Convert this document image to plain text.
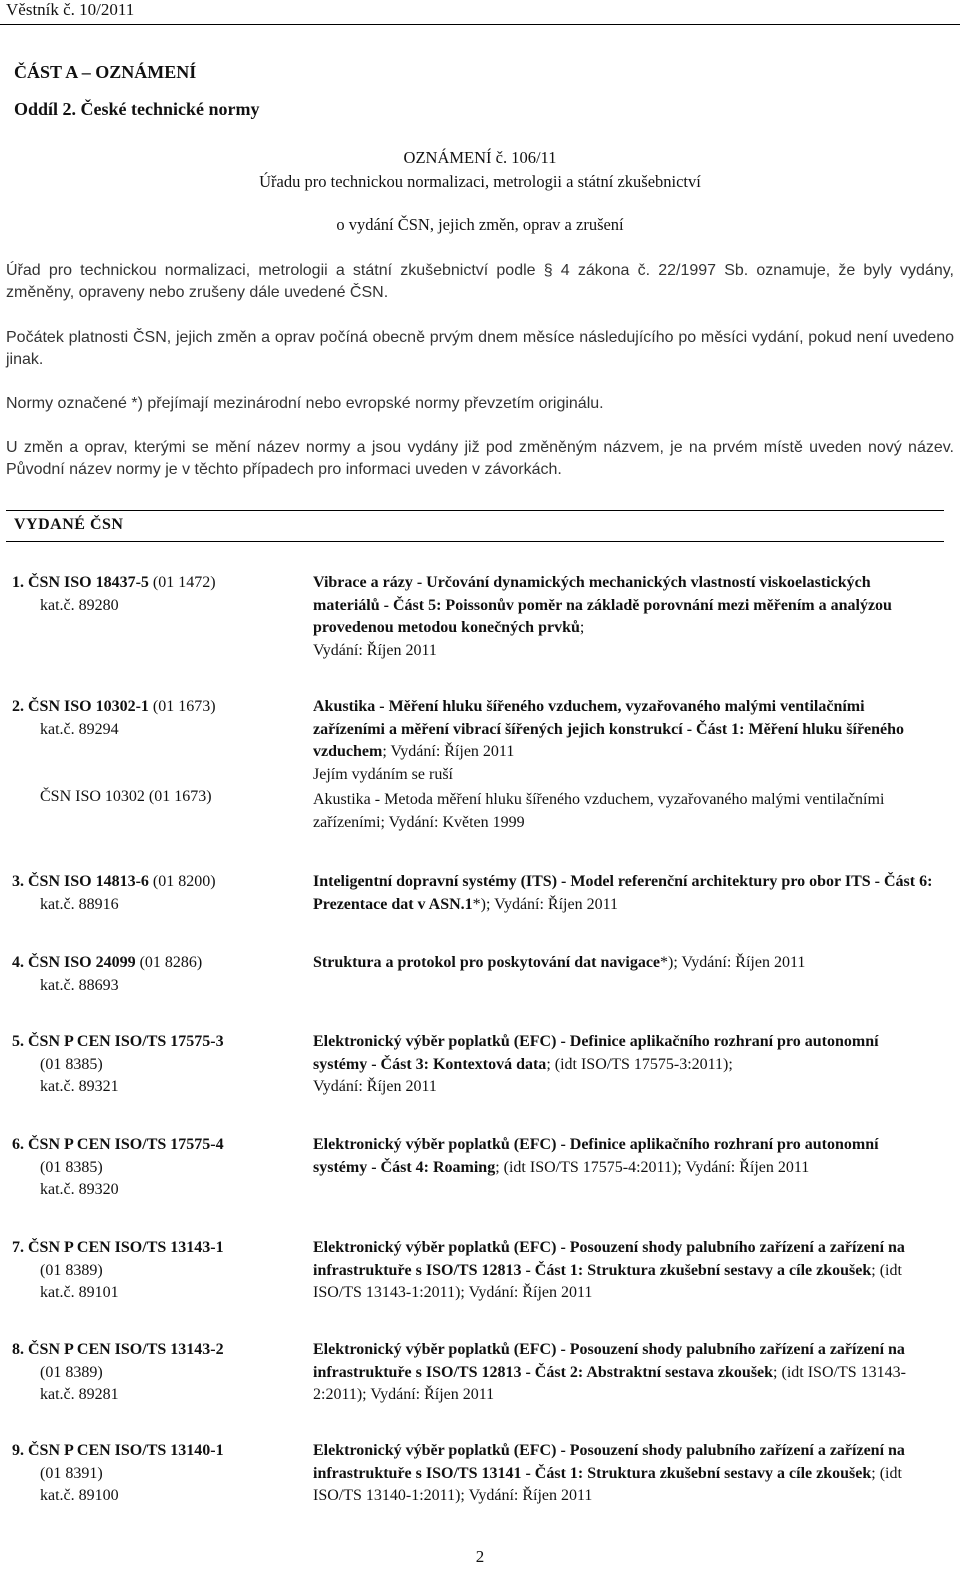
Věstník č. 10/2011
ČÁST A – OZNÁMENÍ
Oddíl 2. České technické normy
OZNÁMENÍ č. 106/11
Úřadu pro technickou normalizaci, metrologii a státní zkušebnictví
o vydání ČSN, jejich změn, oprav a zrušení
Úřad pro technickou normalizaci, metrologii a státní zkušebnictví podle § 4 zákona č. 22/1997 Sb. oznamuje, že byly vydány, změněny, opraveny nebo zrušeny dále uvedené ČSN.
Počátek platnosti ČSN, jejich změn a oprav počíná obecně prvým dnem měsíce následujícího po měsíci vydání, pokud není uvedeno jinak.
Normy označené *) přejímají mezinárodní nebo evropské normy převzetím originálu.
U změn a oprav, kterými se mění název normy a jsou vydány již pod změněným názvem, je na prvém místě uveden nový název. Původní název normy je v těchto případech pro informaci uveden v závorkách.
VYDANÉ ČSN
1. ČSN ISO 18437-5 (01 1472)
kat.č. 89280
Vibrace a rázy - Určování dynamických mechanických vlastností viskoelastických materiálů - Část 5: Poissonův poměr na základě porovnání mezi měřením a analýzou provedenou metodou konečných prvků;
Vydání: Říjen 2011
2. ČSN ISO 10302-1 (01 1673)
kat.č. 89294
ČSN ISO 10302 (01 1673)
Akustika - Měření hluku šířeného vzduchem, vyzařovaného malými ventilačními zařízeními a měření vibrací šířených jejich konstrukcí - Část 1: Měření hluku šířeného vzduchem; Vydání: Říjen 2011
Jejím vydáním se ruší
Akustika - Metoda měření hluku šířeného vzduchem, vyzařovaného malými ventilačními zařízeními; Vydání: Květen 1999
3. ČSN ISO 14813-6 (01 8200)
kat.č. 88916
Inteligentní dopravní systémy (ITS) - Model referenční architektury pro obor ITS - Část 6: Prezentace dat v ASN.1*); Vydání: Říjen 2011
4. ČSN ISO 24099 (01 8286)
kat.č. 88693
Struktura a protokol pro poskytování dat navigace*); Vydání: Říjen 2011
5. ČSN P CEN ISO/TS 17575-3
(01 8385)
kat.č. 89321
Elektronický výběr poplatků (EFC) - Definice aplikačního rozhraní pro autonomní systémy - Část 3: Kontextová data; (idt ISO/TS 17575-3:2011);
Vydání: Říjen 2011
6. ČSN P CEN ISO/TS 17575-4
(01 8385)
kat.č. 89320
Elektronický výběr poplatků (EFC) - Definice aplikačního rozhraní pro autonomní systémy - Část 4: Roaming; (idt ISO/TS 17575-4:2011); Vydání: Říjen 2011
7. ČSN P CEN ISO/TS 13143-1
(01 8389)
kat.č. 89101
Elektronický výběr poplatků (EFC) - Posouzení shody palubního zařízení a zařízení na infrastruktuře s ISO/TS 12813 - Část 1: Struktura zkušební sestavy a cíle zkoušek; (idt ISO/TS 13143-1:2011); Vydání: Říjen 2011
8. ČSN P CEN ISO/TS 13143-2
(01 8389)
kat.č. 89281
Elektronický výběr poplatků (EFC) - Posouzení shody palubního zařízení a zařízení na infrastruktuře s ISO/TS 12813 - Část 2: Abstraktní sestava zkoušek; (idt ISO/TS 13143-2:2011); Vydání: Říjen 2011
9. ČSN P CEN ISO/TS 13140-1
(01 8391)
kat.č. 89100
Elektronický výběr poplatků (EFC) - Posouzení shody palubního zařízení a zařízení na infrastruktuře s ISO/TS 13141 - Část 1: Struktura zkušební sestavy a cíle zkoušek; (idt ISO/TS 13140-1:2011); Vydání: Říjen 2011
2
